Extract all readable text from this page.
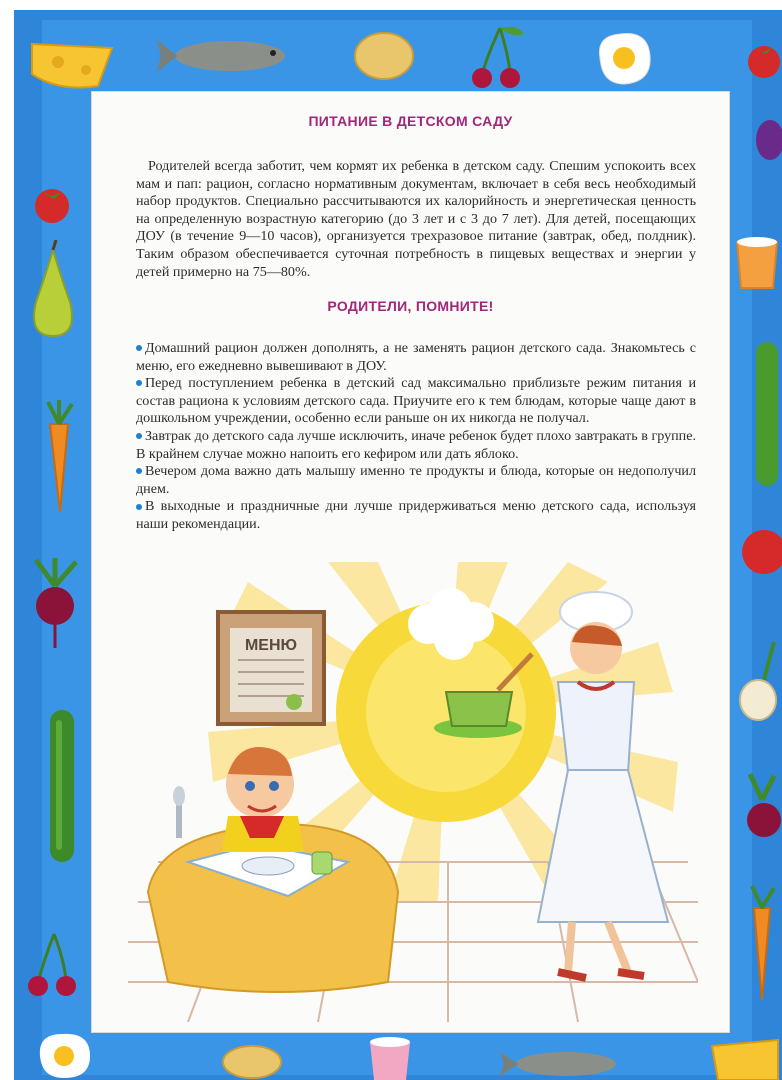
ПИТАНИЕ В ДЕТСКОМ САДУ

Родителей всегда заботит, чем кормят их ребенка в детском саду. Спешим успокоить всех мам и пап: рацион, согласно нормативным документам, включает в себя весь необходимый набор продуктов. Специально рассчитываются их калорийность и энергетическая ценность на определенную возрастную категорию (до 3 лет и с 3 до 7 лет). Для детей, посещающих ДОУ (в течение 9—10 часов), организуется трехразовое питание (завтрак, обед, полдник). Таким образом обеспечивается суточная потребность в пищевых веществах и энергии у детей примерно на 75—80%.

РОДИТЕЛИ, ПОМНИТЕ!
Домашний рацион должен дополнять, а не заменять рацион детского сада. Знакомьтесь с меню, его ежедневно вывешивают в ДОУ.
Перед поступлением ребенка в детский сад максимально приблизьте режим питания и состав рациона к условиям детского сада. Приучите его к тем блюдам, которые чаще дают в дошкольном учреждении, особенно если раньше он их никогда не получал.
Завтрак до детского сада лучше исключить, иначе ребенок будет плохо завтракать в группе. В крайнем случае можно напоить его кефиром или дать яблоко.
Вечером дома важно дать малышу именно те продукты и блюда, которые он недополучил днем.
В выходные и праздничные дни лучше придерживаться меню детского сада, используя наши рекомендации.
МЕНЮ
